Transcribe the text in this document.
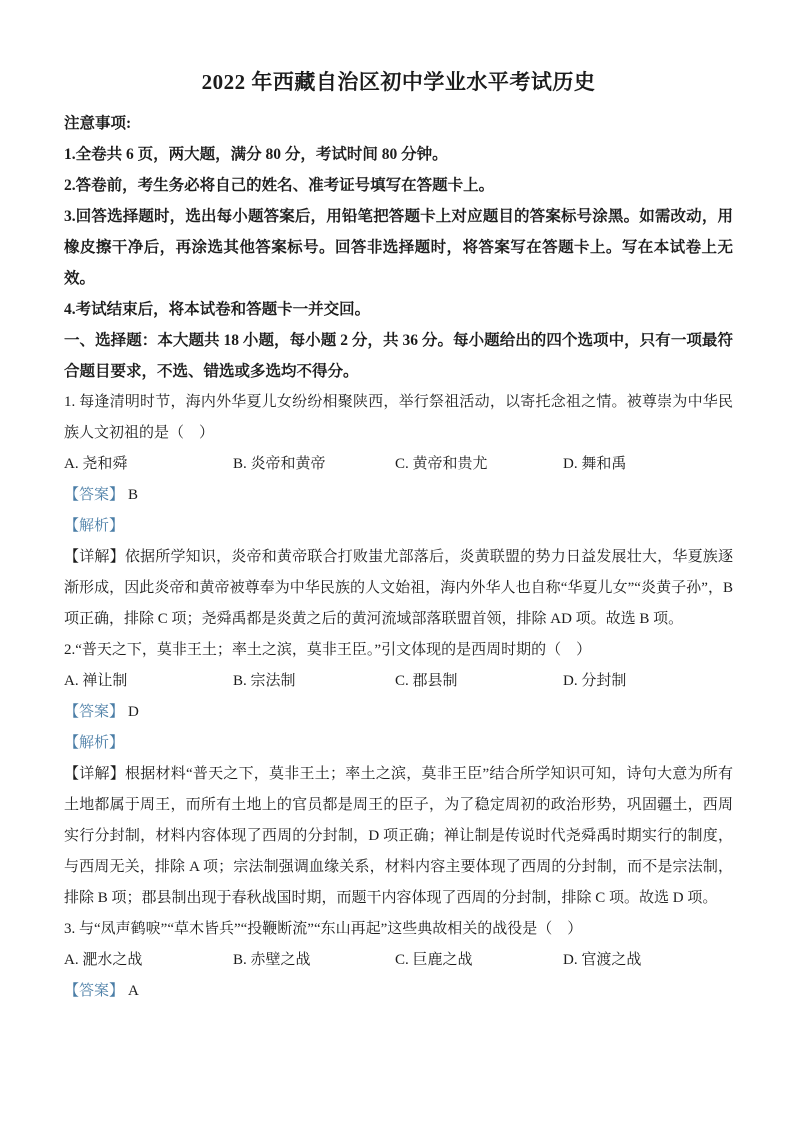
2022 年西藏自治区初中学业水平考试历史

注意事项:

1.全卷共 6 页，两大题，满分 80 分，考试时间 80 分钟。

2.答卷前，考生务必将自己的姓名、准考证号填写在答题卡上。

3.回答选择题时，选出每小题答案后，用铅笔把答题卡上对应题目的答案标号涂黑。如需改动，用橡皮擦干净后，再涂选其他答案标号。回答非选择题时，将答案写在答题卡上。写在本试卷上无效。

4.考试结束后，将本试卷和答题卡一并交回。

一、选择题：本大题共 18 小题，每小题 2 分，共 36 分。每小题给出的四个选项中，只有一项最符合题目要求，不选、错选或多选均不得分。

1. 每逢清明时节，海内外华夏儿女纷纷相聚陕西，举行祭祖活动，以寄托念祖之情。被尊崇为中华民族人文初祖的是（　）

A. 尧和舜	B. 炎帝和黄帝	C. 黄帝和贵尤	D. 舞和禹

【答案】 B

【解析】

【详解】依据所学知识，炎帝和黄帝联合打败蚩尤部落后，炎黄联盟的势力日益发展壮大，华夏族逐渐形成，因此炎帝和黄帝被尊奉为中华民族的人文始祖，海内外华人也自称“华夏儿女”“炎黄子孙”，B 项正确，排除 C 项；尧舜禹都是炎黄之后的黄河流域部落联盟首领，排除 AD 项。故选 B 项。

2.“普天之下，莫非王土；率土之滨，莫非王臣。”引文体现的是西周时期的（　）

A. 禅让制	B. 宗法制	C. 郡县制	D. 分封制

【答案】 D

【解析】

【详解】根据材料“普天之下，莫非王土；率土之滨，莫非王臣”结合所学知识可知，诗句大意为所有土地都属于周王，而所有土地上的官员都是周王的臣子，为了稳定周初的政治形势，巩固疆土，西周实行分封制，材料内容体现了西周的分封制，D 项正确；禅让制是传说时代尧舜禹时期实行的制度，与西周无关，排除 A 项；宗法制强调血缘关系，材料内容主要体现了西周的分封制，而不是宗法制，排除 B 项；郡县制出现于春秋战国时期，而题干内容体现了西周的分封制，排除 C 项。故选 D 项。

3. 与“凤声鹤唳”“草木皆兵”“投鞭断流”“东山再起”这些典故相关的战役是（　）

A. 淝水之战	B. 赤壁之战	C. 巨鹿之战	D. 官渡之战

【答案】 A
